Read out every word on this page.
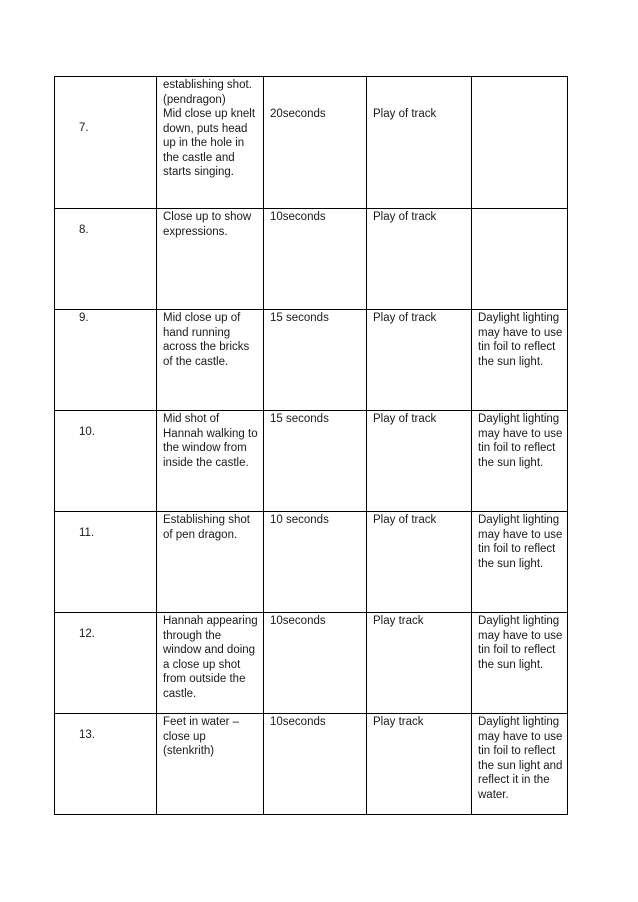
7.	establishing shot.
(pendragon)
Mid close up knelt down, puts head up in the hole in the castle and starts singing.	20seconds	Play of track	

8.	Close up to show expressions.	10seconds	Play of track	
9.	Mid close up of hand running across the bricks of the castle.	15 seconds	Play of track	Daylight lighting may have to use tin foil to reflect the sun light.
10.	Mid shot of Hannah walking to the window from inside the castle.	15 seconds	Play of track	Daylight lighting may have to use tin foil to reflect the sun light.
11.	Establishing shot of pen dragon.	10 seconds	Play of track	Daylight lighting may have to use tin foil to reflect the sun light.
12.	Hannah appearing through the window and doing a close up shot from outside the castle.	10seconds	Play track	Daylight lighting may have to use tin foil to reflect the sun light.
13.	Feet in water –
close up
(stenkrith)	10seconds	Play track	Daylight lighting may have to use tin foil to reflect the sun light and reflect it in the water.
